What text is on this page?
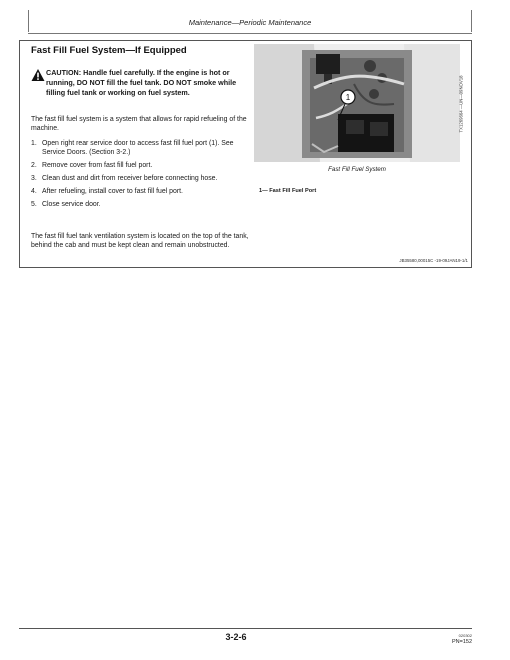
Maintenance—Periodic Maintenance
Fast Fill Fuel System—If Equipped
CAUTION: Handle fuel carefully. If the engine is hot or running, DO NOT fill the fuel tank. DO NOT smoke while filling fuel tank or working on fuel system.
The fast fill fuel system is a system that allows for rapid refueling of the machine.
1. Open right rear service door to access fast fill fuel port (1). See Service Doors. (Section 3-2.)
2. Remove cover from fast fill fuel port.
3. Clean dust and dirt from receiver before connecting hose.
4. After refueling, install cover to fast fill fuel port.
5. Close service door.
The fast fill fuel tank ventilation system is located on the top of the tank, behind the cab and must be kept clean and remain unobstructed.
1	TX1269664 —UN—09NOV18
Fast Fill Fuel System
1— Fast Fill Fuel Port
JB35580,00015C -19-09JAN19-1/1
3-2-6	020302
PN=152
